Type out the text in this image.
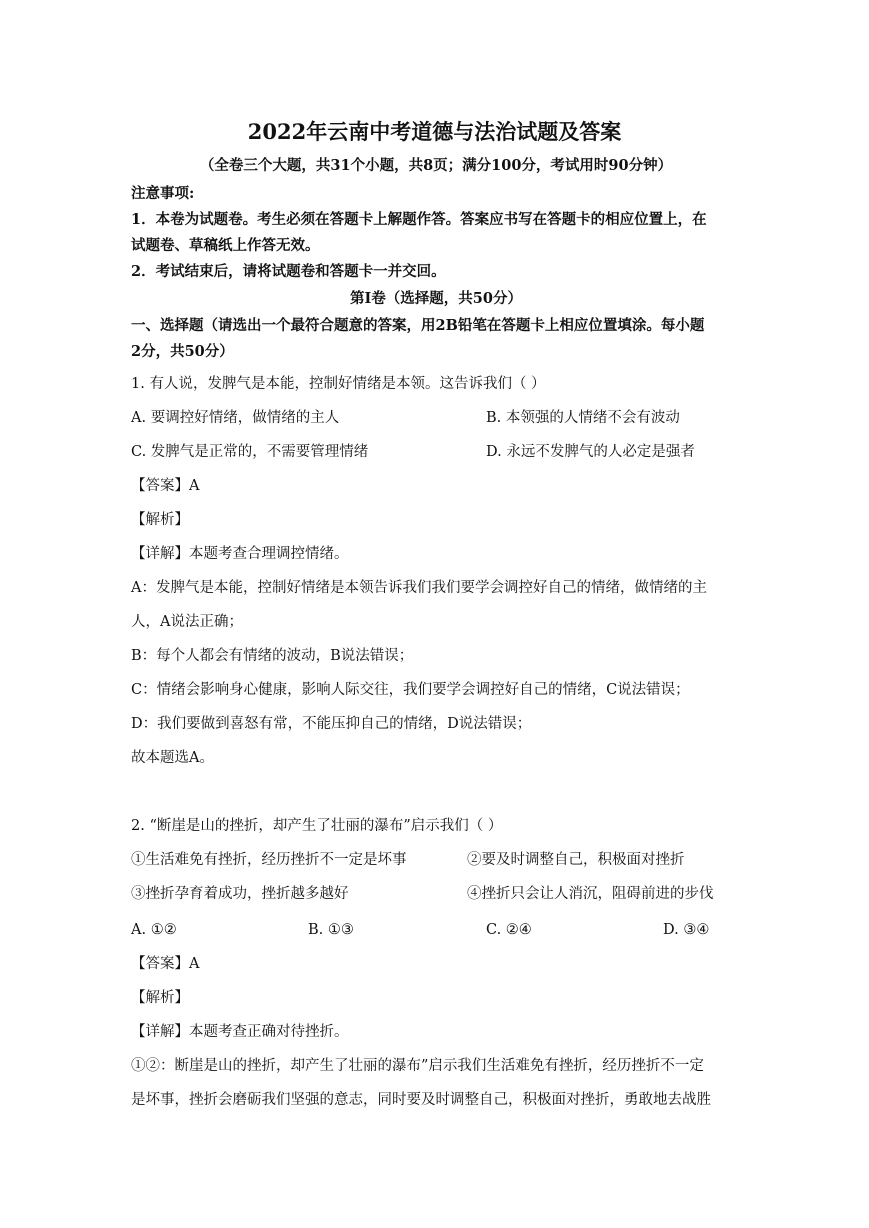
2022年云南中考道德与法治试题及答案
（全卷三个大题，共31个小题，共8页；满分100分，考试用时90分钟）
注意事项:
1．本卷为试题卷。考生必须在答题卡上解题作答。答案应书写在答题卡的相应位置上，在
试题卷、草稿纸上作答无效。
2．考试结束后，请将试题卷和答题卡一并交回。
第Ⅰ卷（选择题，共50分）
一、选择题（请选出一个最符合题意的答案，用2B铅笔在答题卡上相应位置填涂。每小题
2分，共50分）
1. 有人说，发脾气是本能，控制好情绪是本领。这告诉我们（ ）
A. 要调控好情绪，做情绪的主人	B. 本领强的人情绪不会有波动
C. 发脾气是正常的，不需要管理情绪	D. 永远不发脾气的人必定是强者
【答案】A
【解析】
【详解】本题考查合理调控情绪。
A：发脾气是本能，控制好情绪是本领告诉我们我们要学会调控好自己的情绪，做情绪的主
人，A说法正确；
B：每个人都会有情绪的波动，B说法错误；
C：情绪会影响身心健康，影响人际交往，我们要学会调控好自己的情绪，C说法错误；
D：我们要做到喜怒有常，不能压抑自己的情绪，D说法错误；
故本题选A。
2. “断崖是山的挫折，却产生了壮丽的瀑布”启示我们（ ）
①生活难免有挫折，经历挫折不一定是坏事	②要及时调整自己，积极面对挫折
③挫折孕育着成功，挫折越多越好	④挫折只会让人消沉，阻碍前进的步伐
A. ①②	B. ①③	C. ②④	D. ③④
【答案】A
【解析】
【详解】本题考查正确对待挫折。
①②：断崖是山的挫折，却产生了壮丽的瀑布”启示我们生活难免有挫折，经历挫折不一定
是坏事，挫折会磨砺我们坚强的意志，同时要及时调整自己，积极面对挫折，勇敢地去战胜
